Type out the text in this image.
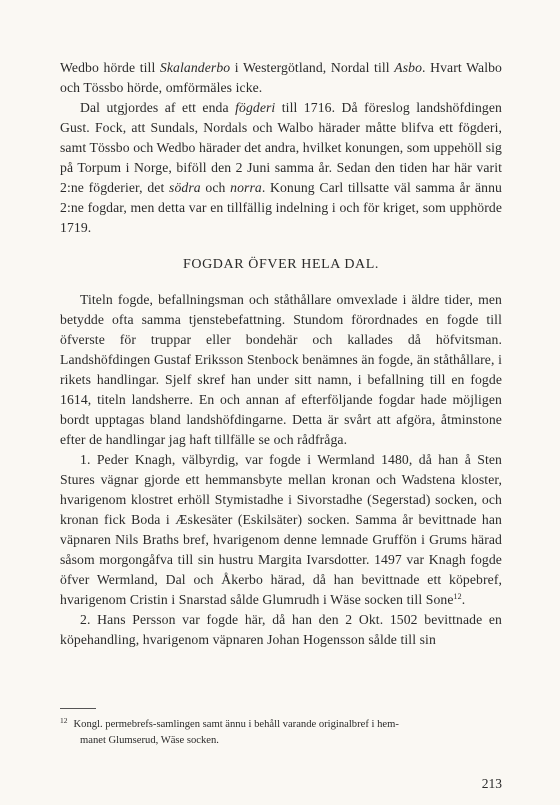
Wedbo hörde till Skalanderbo i Westergötland, Nordal till Asbo. Hvart Walbo och Tössbo hörde, omförmäles icke.

Dal utgjordes af ett enda fögderi till 1716. Då föreslog landshöfdingen Gust. Fock, att Sundals, Nordals och Walbo härader måtte blifva ett fögderi, samt Tössbo och Wedbo härader det andra, hvilket konungen, som uppehöll sig på Torpum i Norge, biföll den 2 Juni samma år. Sedan den tiden har här varit 2:ne fögderier, det södra och norra. Konung Carl tillsatte väl samma år ännu 2:ne fogdar, men detta var en tillfällig indelning i och för kriget, som upphörde 1719.

FOGDAR ÖFVER HELA DAL.

Titeln fogde, befallningsman och ståthållare omvexlade i äldre tider, men betydde ofta samma tjenstebefattning. Stundom förordnades en fogde till öfverste för truppar eller bondehär och kallades då höfvitsman. Landshöfdingen Gustaf Eriksson Stenbock benämnes än fogde, än ståthållare, i rikets handlingar. Sjelf skref han under sitt namn, i befallning till en fogde 1614, titeln landsherre. En och annan af efterföljande fogdar hade möjligen bordt upptagas bland landshöfdingarne. Detta är svårt att afgöra, åtminstone efter de handlingar jag haft tillfälle se och rådfråga.

1. Peder Knagh, välbyrdig, var fogde i Wermland 1480, då han å Sten Stures vägnar gjorde ett hemmansbyte mellan kronan och Wadstena kloster, hvarigenom klostret erhöll Stymistadhe i Sivorstadhe (Segerstad) socken, och kronan fick Boda i Æskesäter (Eskilsäter) socken. Samma år bevittnade han väpnaren Nils Braths bref, hvarigenom denne lemnade Gruffön i Grums härad såsom morgongåfva till sin hustru Margita Ivarsdotter. 1497 var Knagh fogde öfver Wermland, Dal och Åkerbo härad, då han bevittnade ett köpebref, hvarigenom Cristin i Snarstad sålde Glumrudh i Wäse socken till Sone$^{12}$.

2. Hans Persson var fogde här, då han den 2 Okt. 1502 bevittnade en köpehandling, hvarigenom väpnaren Johan Hogensson sålde till sin

$^{12}$ Kongl. permebrefs-samlingen samt ännu i behåll varande originalbref i hem-
manet Glumserud, Wäse socken.
213
